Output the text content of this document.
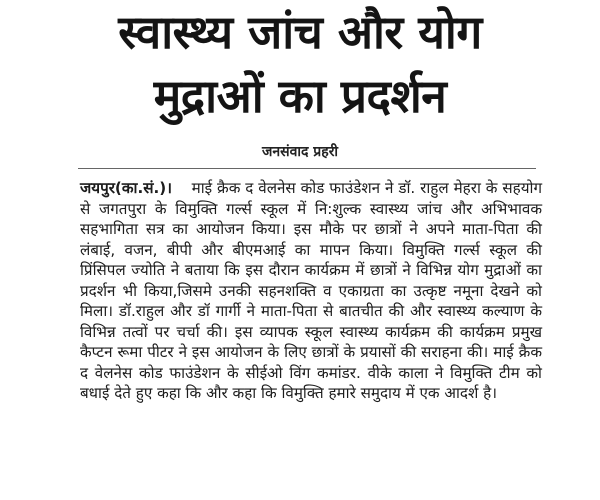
स्वास्थ्य जांच और योग
मुद्राओं का प्रदर्शन
जनसंवाद प्रहरी
जयपुर(का.सं.)। माई क्रैक द वेलनेस कोड फाउंडेशन ने डॉ. राहुल मेहरा के सहयोग से जगतपुरा के विमुक्ति गर्ल्स स्कूल में नि:शुल्क स्वास्थ्य जांच और अभिभावक सहभागिता सत्र का आयोजन किया। इस मौके पर छात्रों ने अपने माता-पिता की लंबाई, वजन, बीपी और बीएमआई का मापन किया। विमुक्ति गर्ल्स स्कूल की प्रिंसिपल ज्योति ने बताया कि इस दौरान कार्यक्रम में छात्रों ने विभिन्न योग मुद्राओं का प्रदर्शन भी किया,जिसमे उनकी सहनशक्ति व एकाग्रता का उत्कृष्ट नमूना देखने को मिला। डॉ.राहुल और डॉ गार्गी ने माता-पिता से बातचीत की और स्वास्थ्य कल्याण के विभिन्न तत्वों पर चर्चा की। इस व्यापक स्कूल स्वास्थ्य कार्यक्रम की कार्यक्रम प्रमुख कैप्टन रूमा पीटर ने इस आयोजन के लिए छात्रों के प्रयासों की सराहना की। माई क्रैक द वेलनेस कोड फाउंडेशन के सीईओ विंग कमांडर. वीके काला ने विमुक्ति टीम को बधाई देते हुए कहा कि और कहा कि विमुक्ति हमारे समुदाय में एक आदर्श है।
